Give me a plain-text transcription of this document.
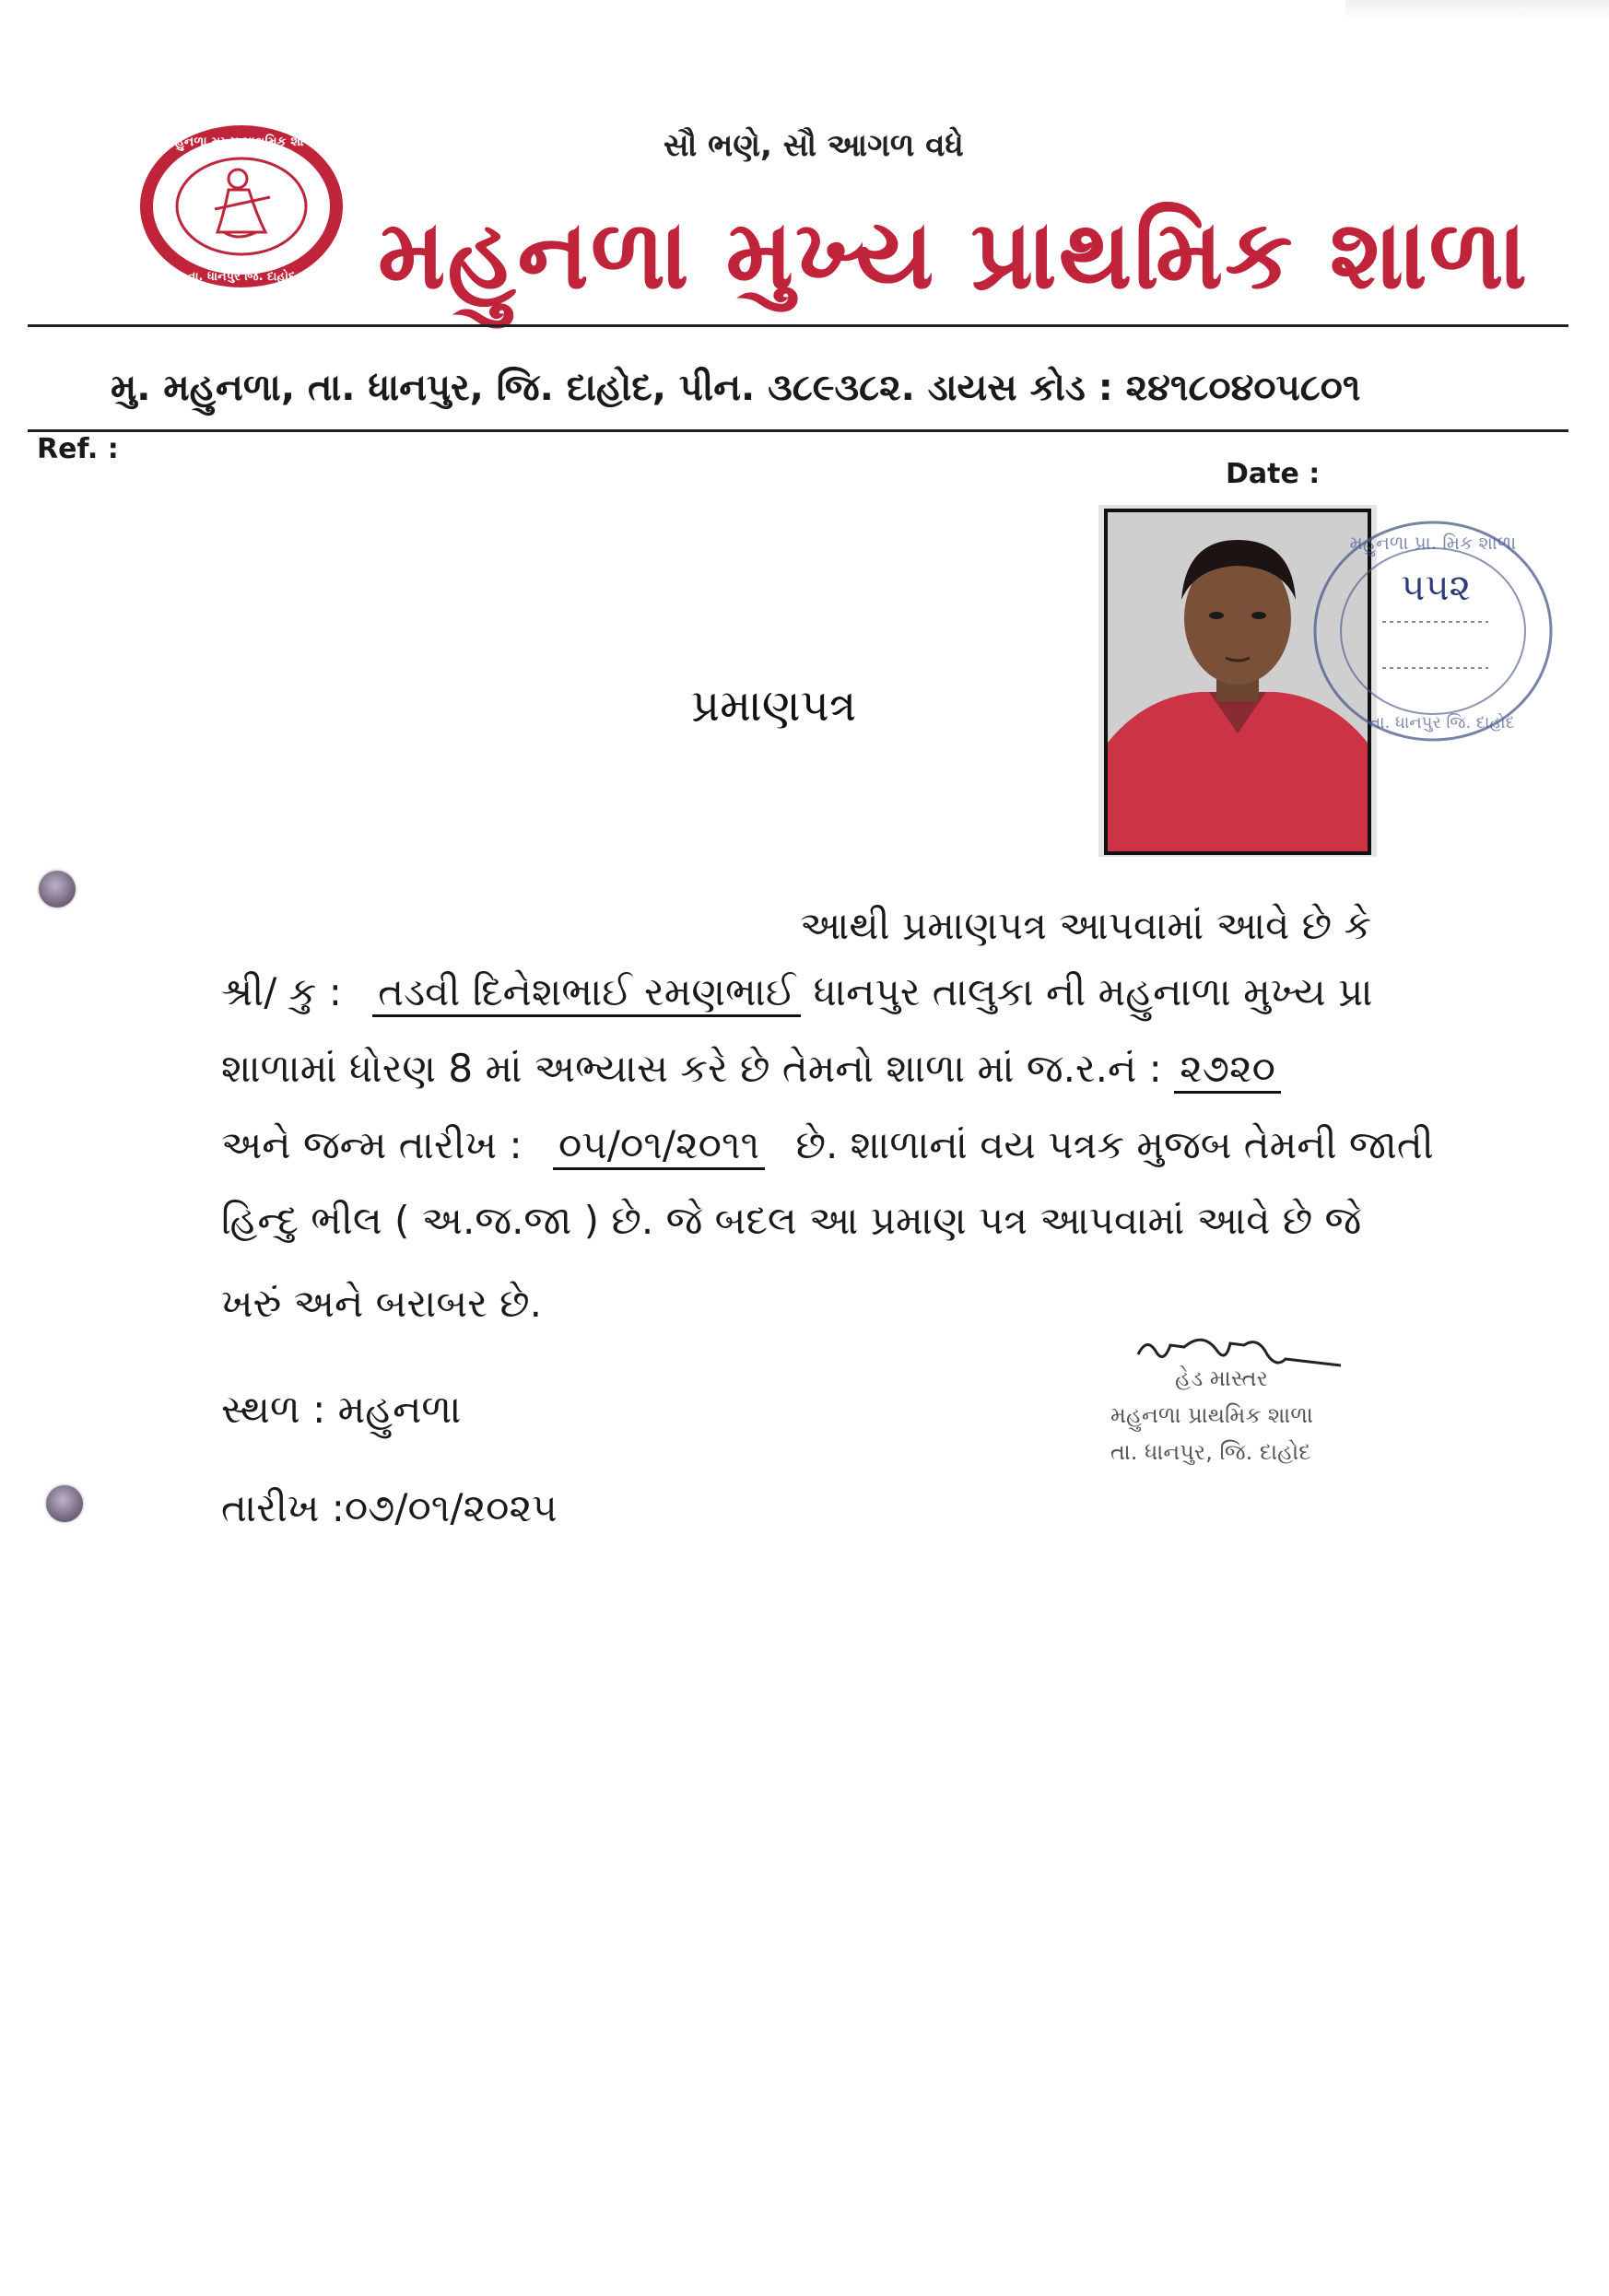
મહુનળા મુખ્ય પ્રાથમિક શાળા
તા. ધાનપુર જિ. દાહોદ
સૌ ભણે, સૌ આગળ વધે
મહુનળા મુખ્ય પ્રાથમિક શાળા
મુ. મહુનળા, તા. ધાનપુર, જિ. દાહોદ, પીન. ૩૮૯૩૮૨. ડાયસ કોડ : ૨૪૧૮૦૪૦૫૮૦૧
Ref. :
Date :
મહુનળા પ્રા. મિક શાળા
તા. ધાનપુર જિ. દાહોદ
૫૫૨
પ્રમાણપત્ર
આથી પ્રમાણપત્ર આપવામાં આવે છે કે
શ્રી/ કુ : તડવી દિનેશભાઈ રમણભાઈ ધાનપુર તાલુકા ની મહુનાળા મુખ્ય પ્રા
શાળામાં ધોરણ 8 માં અભ્યાસ કરે છે તેમનો શાળા માં જ.ર.નં : ૨૭૨૦
અને જન્મ તારીખ : ૦૫/૦૧/૨૦૧૧ છે. શાળાનાં વય પત્રક મુજબ તેમની જાતી
હિન્દુ ભીલ ( અ.જ.જા ) છે. જે બદલ આ પ્રમાણ પત્ર આપવામાં આવે છે જે
ખરું અને બરાબર છે.
સ્થળ : મહુનળા
તારીખ :૦૭/૦૧/૨૦૨૫
હેડ માસ્તર
મહુનળા પ્રાથમિક શાળા
તા. ધાનપુર, જિ. દાહોદ
